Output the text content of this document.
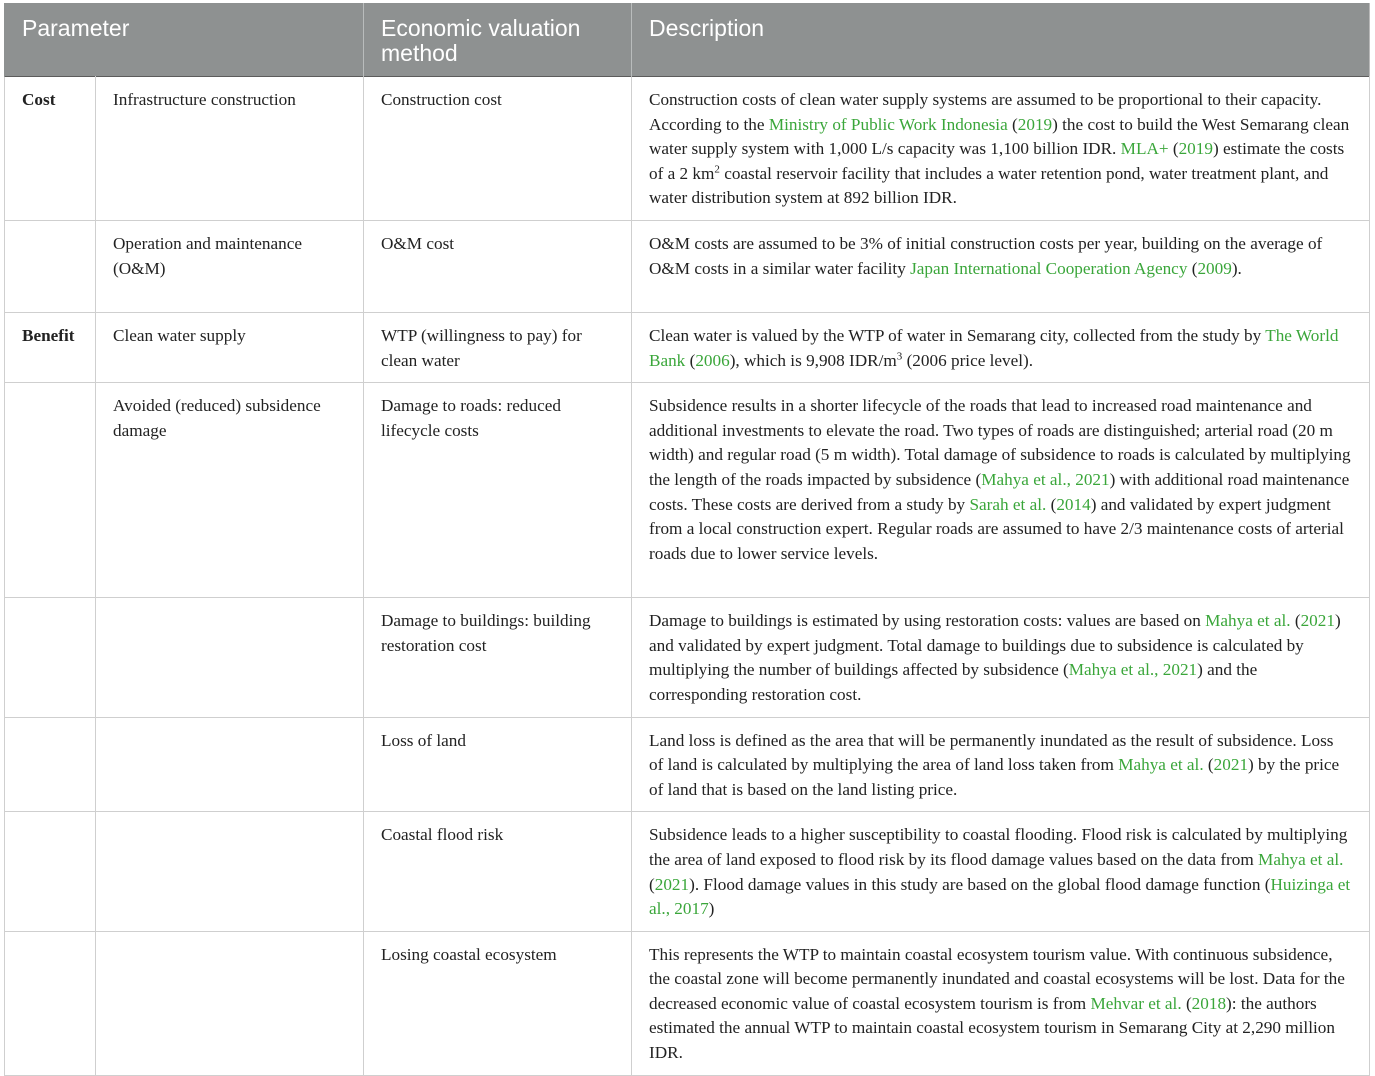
Parameter		Economic valuation method	Description
Cost	Infrastructure construction	Construction cost	Construction costs of clean water supply systems are assumed to be proportional to their capacity. According to the Ministry of Public Work Indonesia (2019) the cost to build the West Semarang clean water supply system with 1,000 L/s capacity was 1,100 billion IDR. MLA+ (2019) estimate the costs of a 2 $km^2$ coastal reservoir facility that includes a water retention pond, water treatment plant, and water distribution system at 892 billion IDR.
	Operation and maintenance (O&M)	O&M cost	O&M costs are assumed to be 3% of initial construction costs per year, building on the average of O&M costs in a similar water facility Japan International Cooperation Agency (2009).
Benefit	Clean water supply	WTP (willingness to pay) for clean water	Clean water is valued by the WTP of water in Semarang city, collected from the study by The World Bank (2006), which is 9,908 IDR/$m^3$ (2006 price level).
	Avoided (reduced) subsidence damage	Damage to roads: reduced lifecycle costs	Subsidence results in a shorter lifecycle of the roads that lead to increased road maintenance and additional investments to elevate the road. Two types of roads are distinguished; arterial road (20 m width) and regular road (5 m width). Total damage of subsidence to roads is calculated by multiplying the length of the roads impacted by subsidence (Mahya et al., 2021) with additional road maintenance costs. These costs are derived from a study by Sarah et al. (2014) and validated by expert judgment from a local construction expert. Regular roads are assumed to have 2/3 maintenance costs of arterial roads due to lower service levels.
		Damage to buildings: building restoration cost	Damage to buildings is estimated by using restoration costs: values are based on Mahya et al. (2021) and validated by expert judgment. Total damage to buildings due to subsidence is calculated by multiplying the number of buildings affected by subsidence (Mahya et al., 2021) and the corresponding restoration cost.
		Loss of land	Land loss is defined as the area that will be permanently inundated as the result of subsidence. Loss of land is calculated by multiplying the area of land loss taken from Mahya et al. (2021) by the price of land that is based on the land listing price.
		Coastal flood risk	Subsidence leads to a higher susceptibility to coastal flooding. Flood risk is calculated by multiplying the area of land exposed to flood risk by its flood damage values based on the data from Mahya et al. (2021). Flood damage values in this study are based on the global flood damage function (Huizinga et al., 2017)
		Losing coastal ecosystem	This represents the WTP to maintain coastal ecosystem tourism value. With continuous subsidence, the coastal zone will become permanently inundated and coastal ecosystems will be lost. Data for the decreased economic value of coastal ecosystem tourism is from Mehvar et al. (2018): the authors estimated the annual WTP to maintain coastal ecosystem tourism in Semarang City at 2,290 million IDR.
